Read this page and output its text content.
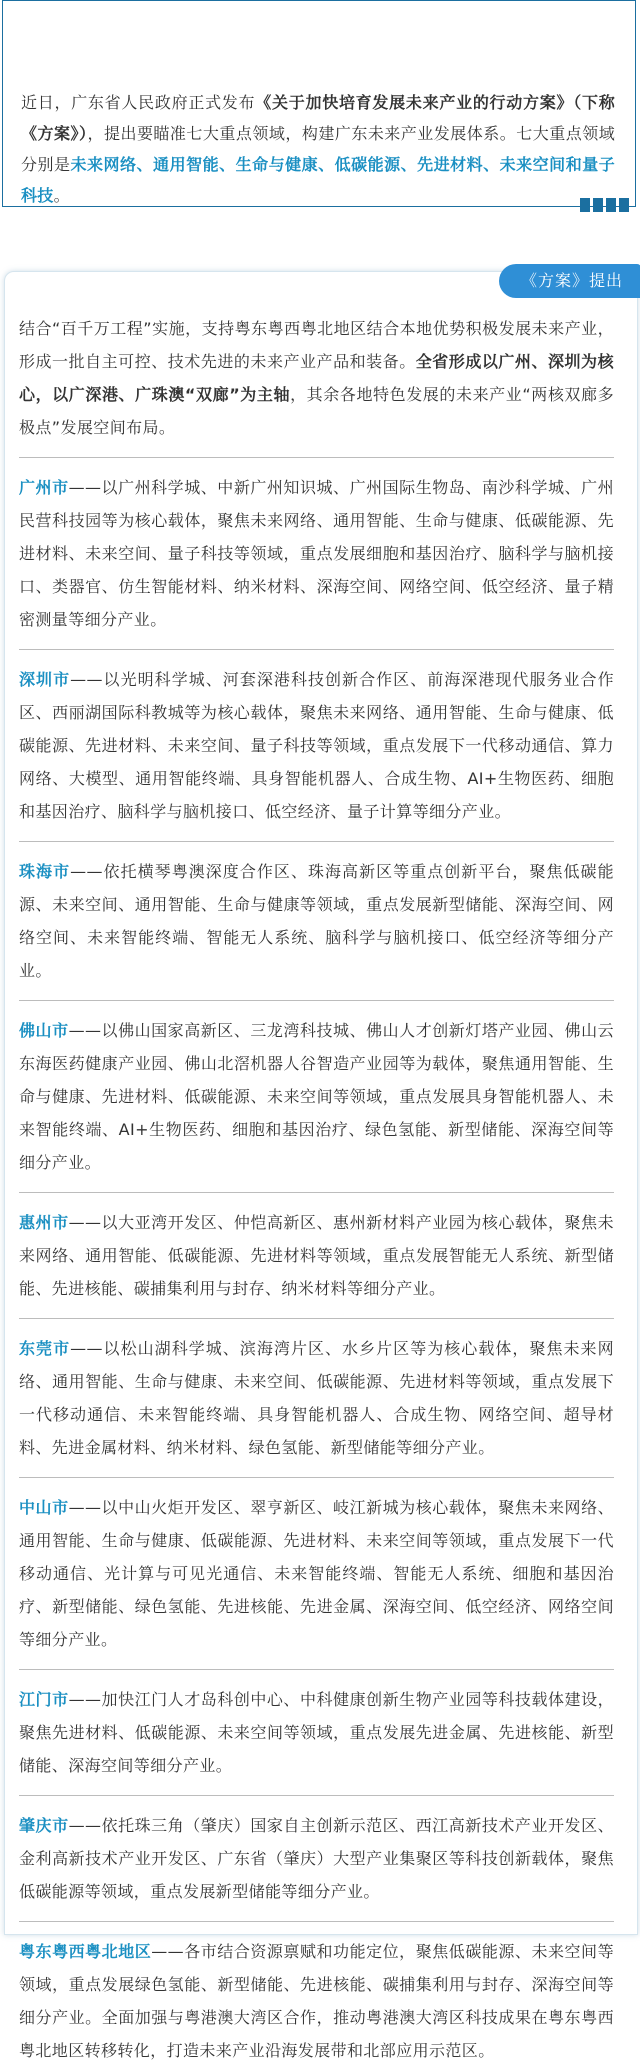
近日，广东省人民政府正式发布《关于加快培育发展未来产业的行动方案》（下称《方案》），提出要瞄准七大重点领域，构建广东未来产业发展体系。七大重点领域分别是未来网络、通用智能、生命与健康、低碳能源、先进材料、未来空间和量子科技。

《方案》提出

结合“百千万工程”实施，支持粤东粤西粤北地区结合本地优势积极发展未来产业，形成一批自主可控、技术先进的未来产业产品和装备。全省形成以广州、深圳为核心，以广深港、广珠澳“双廊”为主轴，其余各地特色发展的未来产业“两核双廊多极点”发展空间布局。

广州市——以广州科学城、中新广州知识城、广州国际生物岛、南沙科学城、广州民营科技园等为核心载体，聚焦未来网络、通用智能、生命与健康、低碳能源、先进材料、未来空间、量子科技等领域，重点发展细胞和基因治疗、脑科学与脑机接口、类器官、仿生智能材料、纳米材料、深海空间、网络空间、低空经济、量子精密测量等细分产业。

深圳市——以光明科学城、河套深港科技创新合作区、前海深港现代服务业合作区、西丽湖国际科教城等为核心载体，聚焦未来网络、通用智能、生命与健康、低碳能源、先进材料、未来空间、量子科技等领域，重点发展下一代移动通信、算力网络、大模型、通用智能终端、具身智能机器人、合成生物、AI+生物医药、细胞和基因治疗、脑科学与脑机接口、低空经济、量子计算等细分产业。

珠海市——依托横琴粤澳深度合作区、珠海高新区等重点创新平台，聚焦低碳能源、未来空间、通用智能、生命与健康等领域，重点发展新型储能、深海空间、网络空间、未来智能终端、智能无人系统、脑科学与脑机接口、低空经济等细分产业。

佛山市——以佛山国家高新区、三龙湾科技城、佛山人才创新灯塔产业园、佛山云东海医药健康产业园、佛山北滘机器人谷智造产业园等为载体，聚焦通用智能、生命与健康、先进材料、低碳能源、未来空间等领域，重点发展具身智能机器人、未来智能终端、AI+生物医药、细胞和基因治疗、绿色氢能、新型储能、深海空间等细分产业。

惠州市——以大亚湾开发区、仲恺高新区、惠州新材料产业园为核心载体，聚焦未来网络、通用智能、低碳能源、先进材料等领域，重点发展智能无人系统、新型储能、先进核能、碳捕集利用与封存、纳米材料等细分产业。

东莞市——以松山湖科学城、滨海湾片区、水乡片区等为核心载体，聚焦未来网络、通用智能、生命与健康、未来空间、低碳能源、先进材料等领域，重点发展下一代移动通信、未来智能终端、具身智能机器人、合成生物、网络空间、超导材料、先进金属材料、纳米材料、绿色氢能、新型储能等细分产业。

中山市——以中山火炬开发区、翠亨新区、岐江新城为核心载体，聚焦未来网络、通用智能、生命与健康、低碳能源、先进材料、未来空间等领域，重点发展下一代移动通信、光计算与可见光通信、未来智能终端、智能无人系统、细胞和基因治疗、新型储能、绿色氢能、先进核能、先进金属、深海空间、低空经济、网络空间等细分产业。

江门市——加快江门人才岛科创中心、中科健康创新生物产业园等科技载体建设，聚焦先进材料、低碳能源、未来空间等领域，重点发展先进金属、先进核能、新型储能、深海空间等细分产业。

肇庆市——依托珠三角（肇庆）国家自主创新示范区、西江高新技术产业开发区、金利高新技术产业开发区、广东省（肇庆）大型产业集聚区等科技创新载体，聚焦低碳能源等领域，重点发展新型储能等细分产业。

粤东粤西粤北地区——各市结合资源禀赋和功能定位，聚焦低碳能源、未来空间等领域，重点发展绿色氢能、新型储能、先进核能、碳捕集利用与封存、深海空间等细分产业。全面加强与粤港澳大湾区合作，推动粤港澳大湾区科技成果在粤东粤西粤北地区转移转化，打造未来产业沿海发展带和北部应用示范区。
